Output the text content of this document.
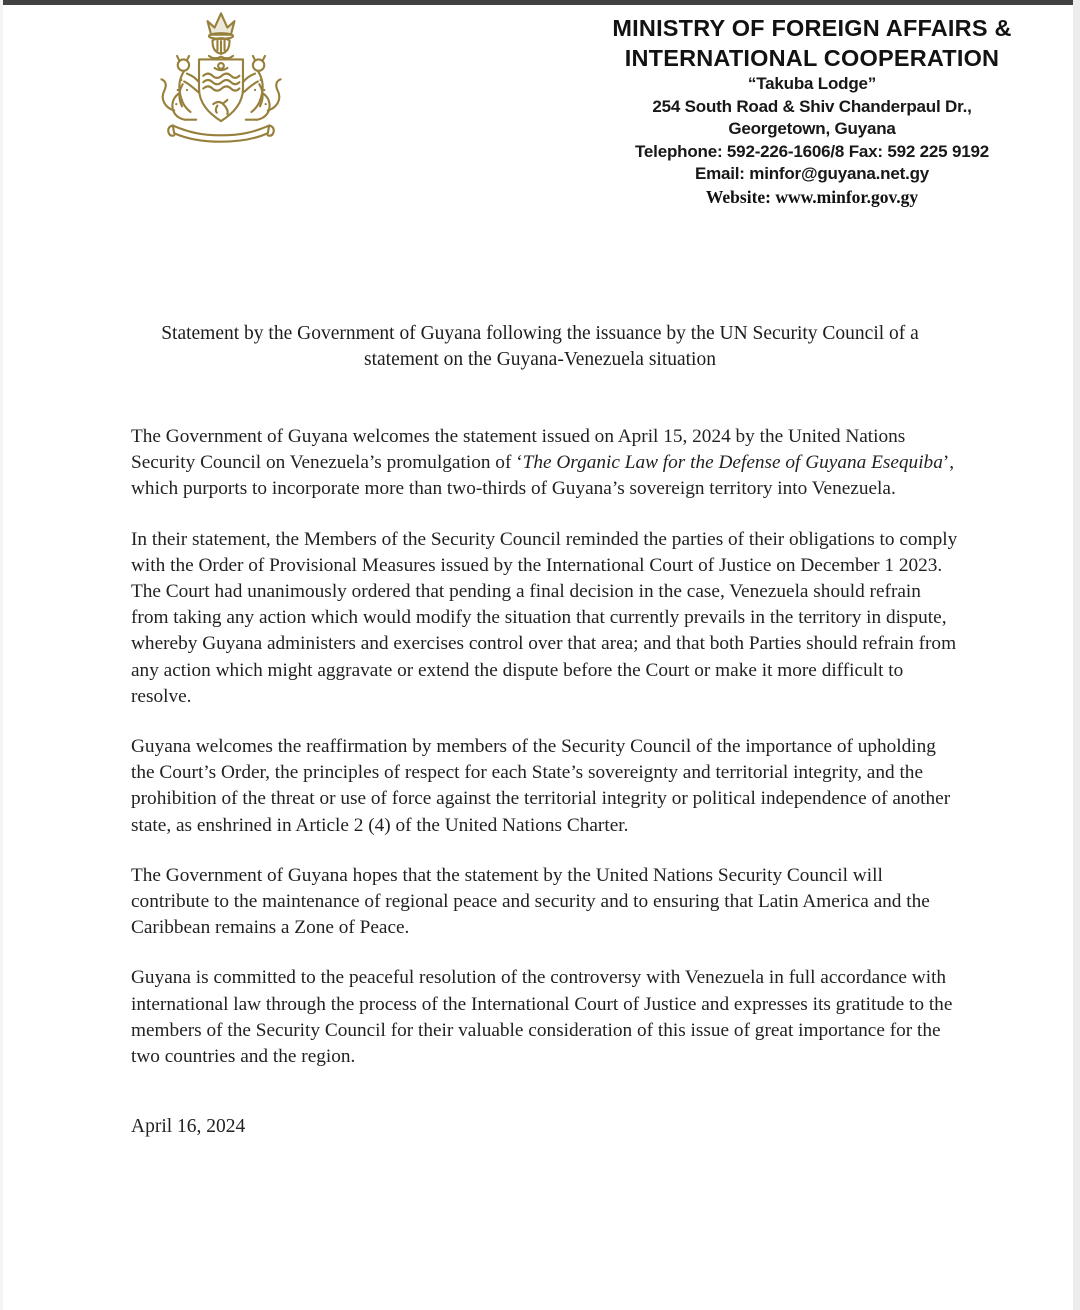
MINISTRY OF FOREIGN AFFAIRS &
INTERNATIONAL COOPERATION
“Takuba Lodge”
254 South Road & Shiv Chanderpaul Dr.,
Georgetown, Guyana
Telephone: 592-226-1606/8 Fax: 592 225 9192
Email: minfor@guyana.net.gy
Website: www.minfor.gov.gy
Statement by the Government of Guyana following the issuance by the UN Security Council of a
statement on the Guyana-Venezuela situation

The Government of Guyana welcomes the statement issued on April 15, 2024 by the United Nations Security Council on Venezuela’s promulgation of ‘The Organic Law for the Defense of Guyana Esequiba’, which purports to incorporate more than two-thirds of Guyana’s sovereign territory into Venezuela.

In their statement, the Members of the Security Council reminded the parties of their obligations to comply with the Order of Provisional Measures issued by the International Court of Justice on December 1 2023. The Court had unanimously ordered that pending a final decision in the case, Venezuela should refrain from taking any action which would modify the situation that currently prevails in the territory in dispute, whereby Guyana administers and exercises control over that area; and that both Parties should refrain from any action which might aggravate or extend the dispute before the Court or make it more difficult to resolve.

Guyana welcomes the reaffirmation by members of the Security Council of the importance of upholding the Court’s Order, the principles of respect for each State’s sovereignty and territorial integrity, and the prohibition of the threat or use of force against the territorial integrity or political independence of another state, as enshrined in Article 2 (4) of the United Nations Charter.

The Government of Guyana hopes that the statement by the United Nations Security Council will contribute to the maintenance of regional peace and security and to ensuring that Latin America and the Caribbean remains a Zone of Peace.

Guyana is committed to the peaceful resolution of the controversy with Venezuela in full accordance with international law through the process of the International Court of Justice and expresses its gratitude to the members of the Security Council for their valuable consideration of this issue of great importance for the two countries and the region.

April 16, 2024
